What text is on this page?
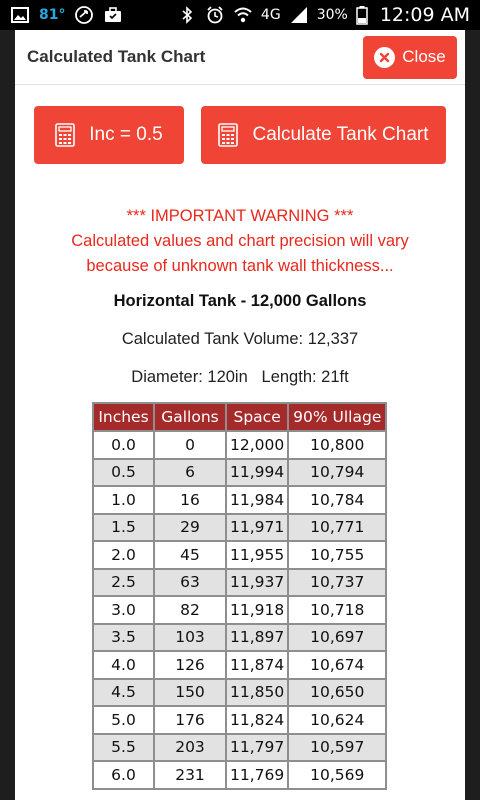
81°	4G	30% 12:09 AM
Calculated Tank Chart	Close
Inc = 0.5	Calculate Tank Chart
*** IMPORTANT WARNING ***
Calculated values and chart precision will vary
because of unknown tank wall thickness...
Horizontal Tank - 12,000 Gallons
Calculated Tank Volume: 12,337
Diameter: 120in   Length: 21ft
Inches	Gallons	Space	90% Ullage
0.0	0	12,000	10,800
0.5	6	11,994	10,794
1.0	16	11,984	10,784
1.5	29	11,971	10,771
2.0	45	11,955	10,755
2.5	63	11,937	10,737
3.0	82	11,918	10,718
3.5	103	11,897	10,697
4.0	126	11,874	10,674
4.5	150	11,850	10,650
5.0	176	11,824	10,624
5.5	203	11,797	10,597
6.0	231	11,769	10,569
